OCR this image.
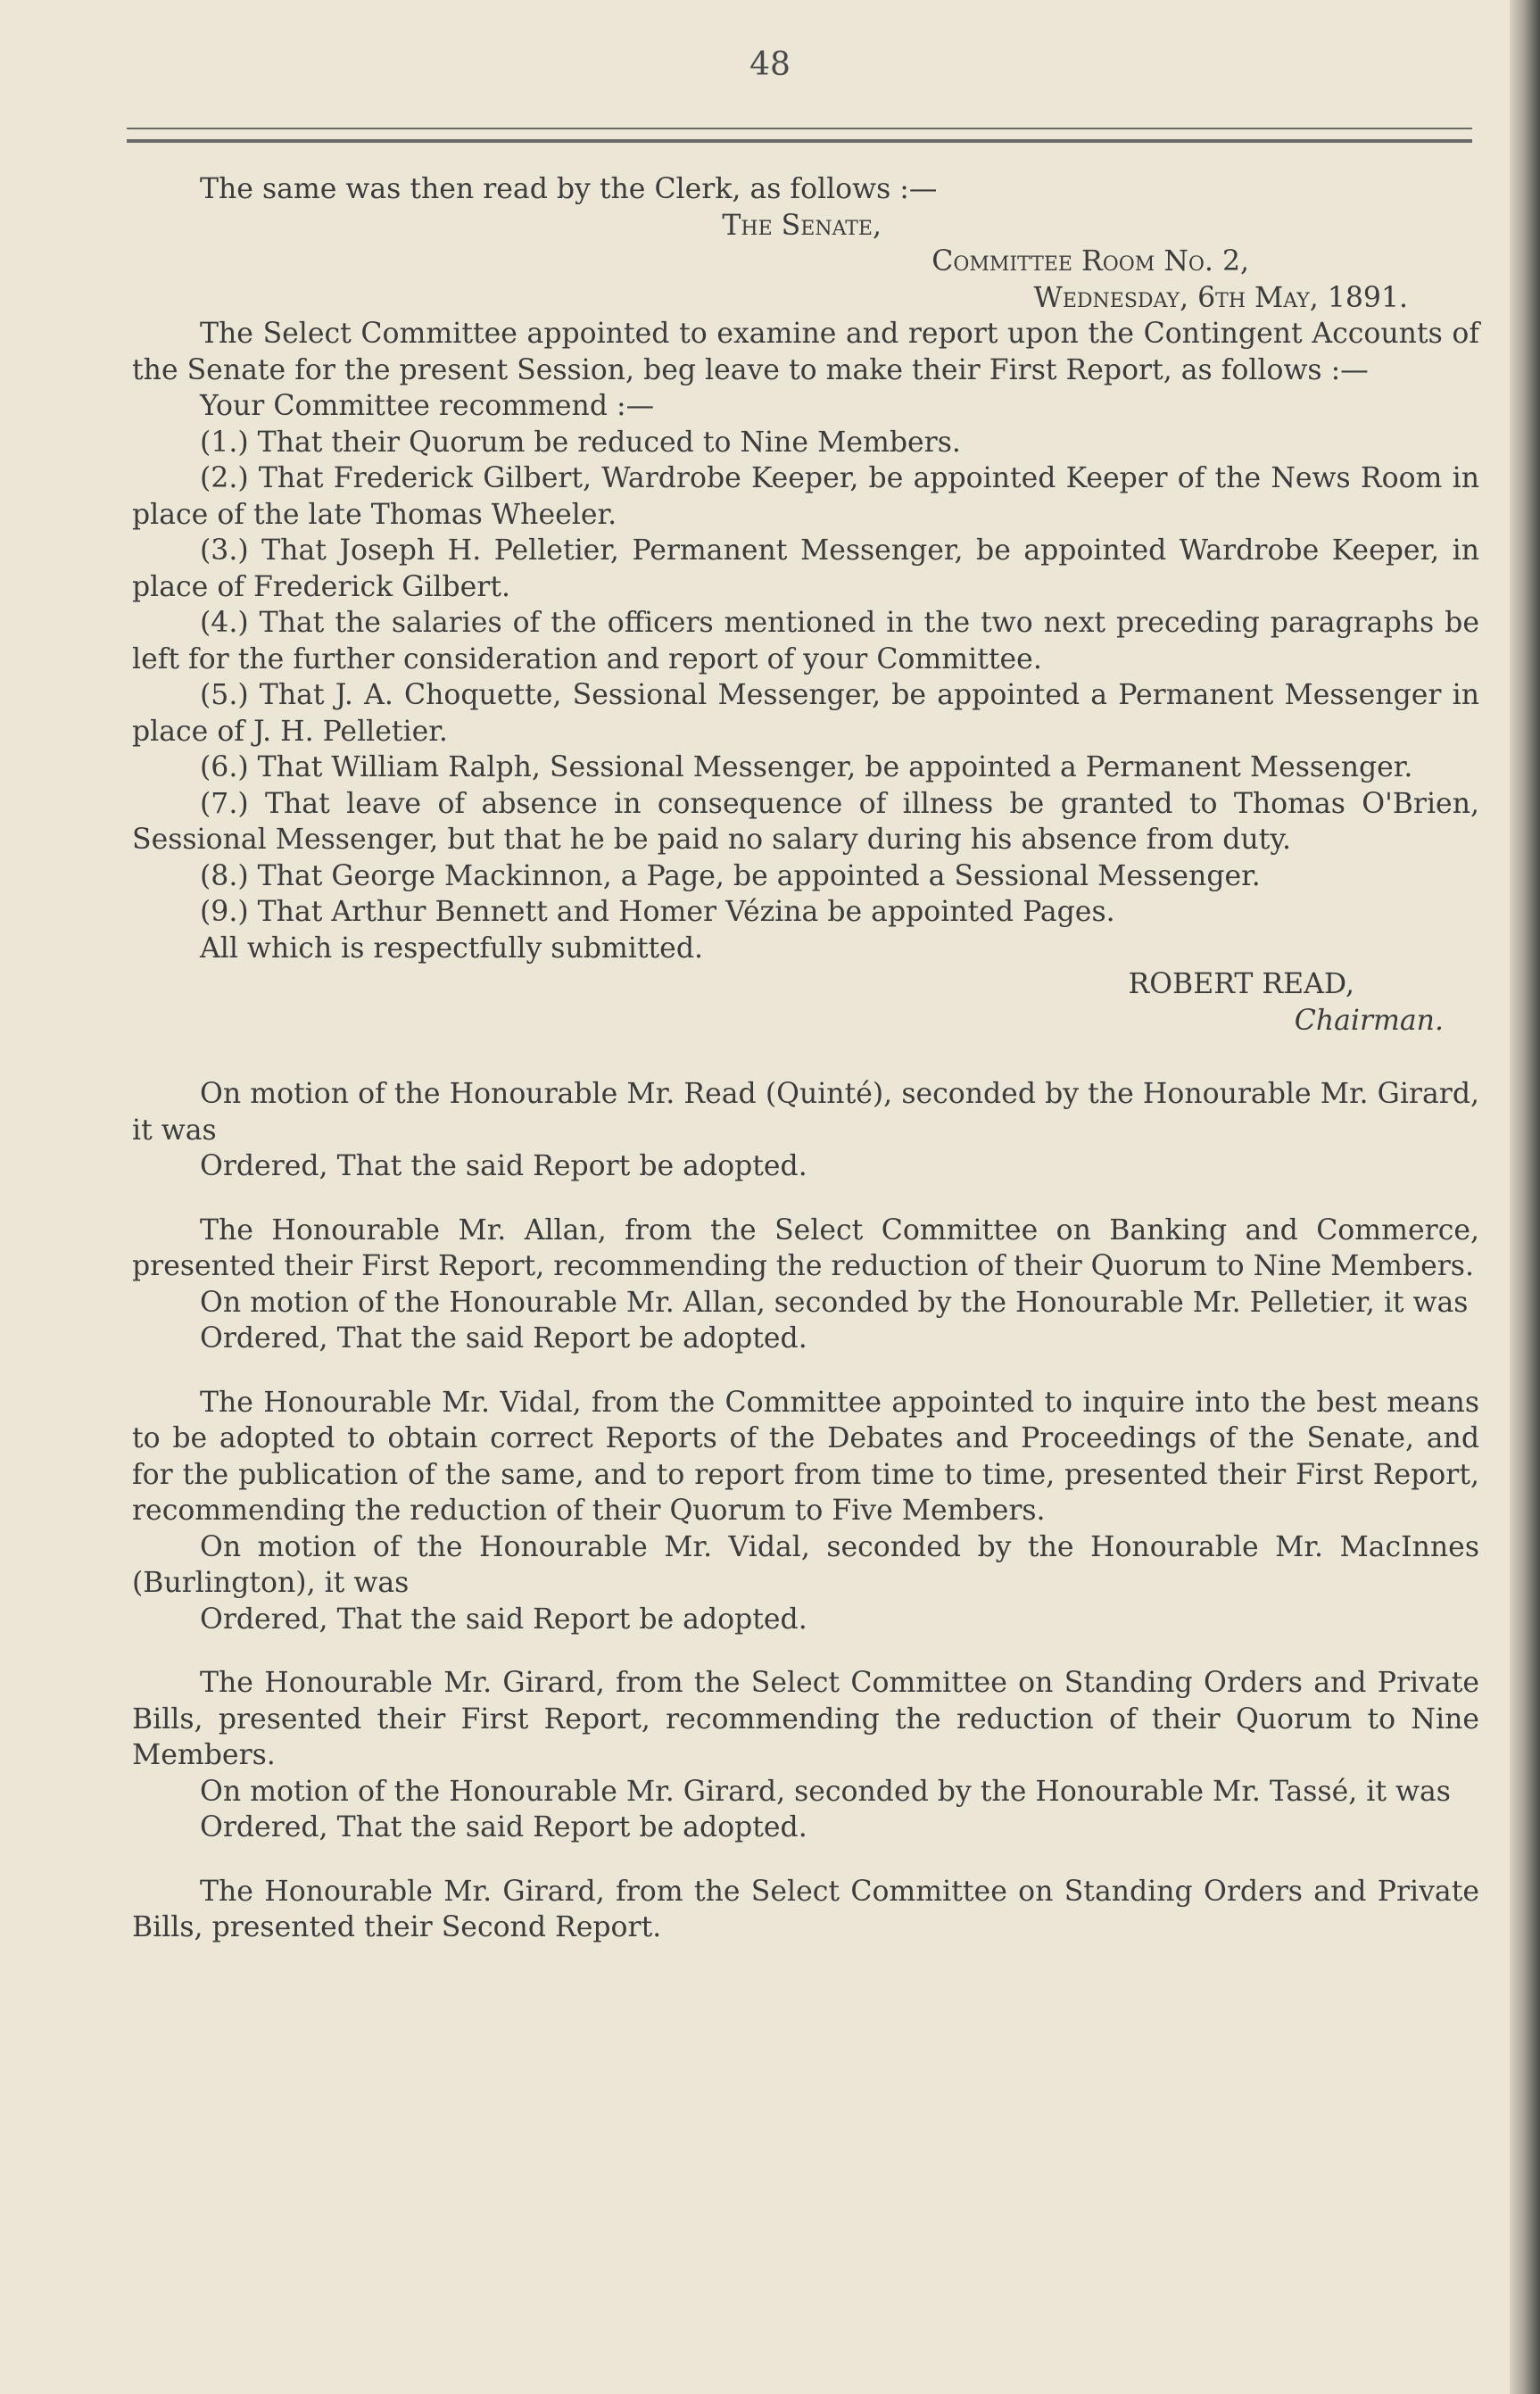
48

The same was then read by the Clerk, as follows :—

The Senate,

Committee Room No. 2,

Wednesday, 6th May, 1891.

The Select Committee appointed to examine and report upon the Contingent Accounts of the Senate for the present Session, beg leave to make their First Report, as follows :—

Your Committee recommend :—

(1.) That their Quorum be reduced to Nine Members.

(2.) That Frederick Gilbert, Wardrobe Keeper, be appointed Keeper of the News Room in place of the late Thomas Wheeler.

(3.) That Joseph H. Pelletier, Permanent Messenger, be appointed Wardrobe Keeper, in place of Frederick Gilbert.

(4.) That the salaries of the officers mentioned in the two next preceding paragraphs be left for the further consideration and report of your Committee.

(5.) That J. A. Choquette, Sessional Messenger, be appointed a Permanent Messenger in place of J. H. Pelletier.

(6.) That William Ralph, Sessional Messenger, be appointed a Permanent Messenger.

(7.) That leave of absence in consequence of illness be granted to Thomas O'Brien, Sessional Messenger, but that he be paid no salary during his absence from duty.

(8.) That George Mackinnon, a Page, be appointed a Sessional Messenger.

(9.) That Arthur Bennett and Homer Vézina be appointed Pages.

All which is respectfully submitted.

ROBERT READ,

Chairman.

On motion of the Honourable Mr. Read (Quinté), seconded by the Honourable Mr. Girard, it was

Ordered, That the said Report be adopted.

The Honourable Mr. Allan, from the Select Committee on Banking and Commerce, presented their First Report, recommending the reduction of their Quorum to Nine Members.

On motion of the Honourable Mr. Allan, seconded by the Honourable Mr. Pelletier, it was

Ordered, That the said Report be adopted.

The Honourable Mr. Vidal, from the Committee appointed to inquire into the best means to be adopted to obtain correct Reports of the Debates and Proceedings of the Senate, and for the publication of the same, and to report from time to time, presented their First Report, recommending the reduction of their Quorum to Five Members.

On motion of the Honourable Mr. Vidal, seconded by the Honourable Mr. MacInnes (Burlington), it was

Ordered, That the said Report be adopted.

The Honourable Mr. Girard, from the Select Committee on Standing Orders and Private Bills, presented their First Report, recommending the reduction of their Quorum to Nine Members.

On motion of the Honourable Mr. Girard, seconded by the Honourable Mr. Tassé, it was

Ordered, That the said Report be adopted.

The Honourable Mr. Girard, from the Select Committee on Standing Orders and Private Bills, presented their Second Report.
